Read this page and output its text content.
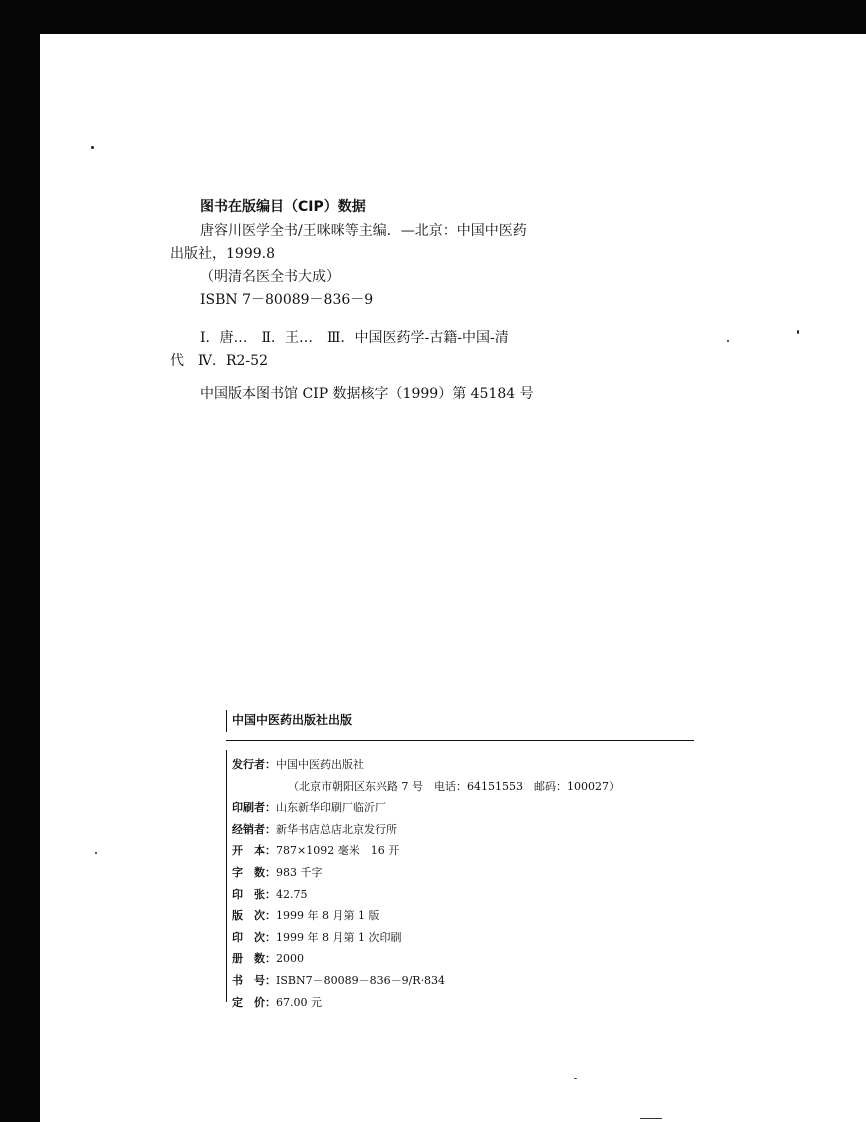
图书在版编目（CIP）数据
唐容川医学全书/王咪咪等主编．—北京：中国中医药
出版社，1999.8
（明清名医全书大成）
ISBN 7－80089－836－9
Ⅰ．唐…　Ⅱ．王…　Ⅲ．中国医药学-古籍-中国-清
代　Ⅳ．R2-52
中国版本图书馆 CIP 数据核字（1999）第 45184 号
中国中医药出版社出版
发行者：中国中医药出版社
（北京市朝阳区东兴路 7 号　电话：64151553　邮码：100027）
印刷者：山东新华印刷厂临沂厂
经销者：新华书店总店北京发行所
开　本：787×1092 毫米　16 开
字　数：983 千字
印　张：42.75
版　次：1999 年 8 月第 1 版
印　次：1999 年 8 月第 1 次印刷
册　数：2000
书　号：ISBN7－80089－836－9/R·834
定　价：67.00 元
